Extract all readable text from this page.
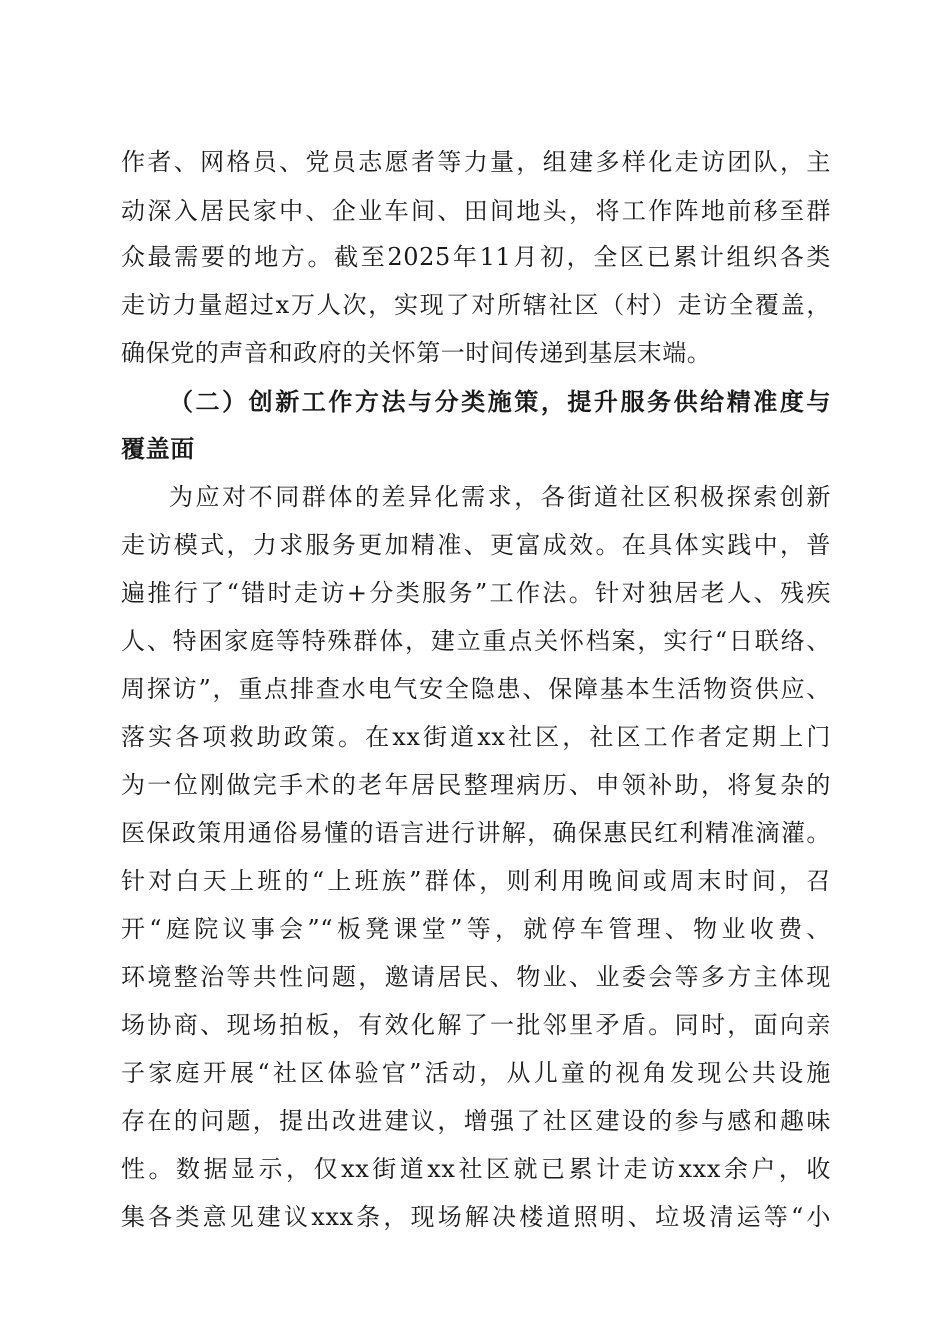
作者、网格员、党员志愿者等力量，组建多样化走访团队，主
动深入居民家中、企业车间、田间地头，将工作阵地前移至群
众最需要的地方。截至2025年11月初，全区已累计组织各类
走访力量超过x万人次，实现了对所辖社区（村）走访全覆盖，
确保党的声音和政府的关怀第一时间传递到基层末端。
（二）创新工作方法与分类施策，提升服务供给精准度与
覆盖面
为应对不同群体的差异化需求，各街道社区积极探索创新
走访模式，力求服务更加精准、更富成效。在具体实践中，普
遍推行了“错时走访+分类服务”工作法。针对独居老人、残疾
人、特困家庭等特殊群体，建立重点关怀档案，实行“日联络、
周探访”，重点排查水电气安全隐患、保障基本生活物资供应、
落实各项救助政策。在xx街道xx社区，社区工作者定期上门
为一位刚做完手术的老年居民整理病历、申领补助，将复杂的
医保政策用通俗易懂的语言进行讲解，确保惠民红利精准滴灌。
针对白天上班的“上班族”群体，则利用晚间或周末时间，召
开“庭院议事会”“板凳课堂”等，就停车管理、物业收费、
环境整治等共性问题，邀请居民、物业、业委会等多方主体现
场协商、现场拍板，有效化解了一批邻里矛盾。同时，面向亲
子家庭开展“社区体验官”活动，从儿童的视角发现公共设施
存在的问题，提出改进建议，增强了社区建设的参与感和趣味
性。数据显示，仅xx街道xx社区就已累计走访xxx余户，收
集各类意见建议xxx条，现场解决楼道照明、垃圾清运等“小
